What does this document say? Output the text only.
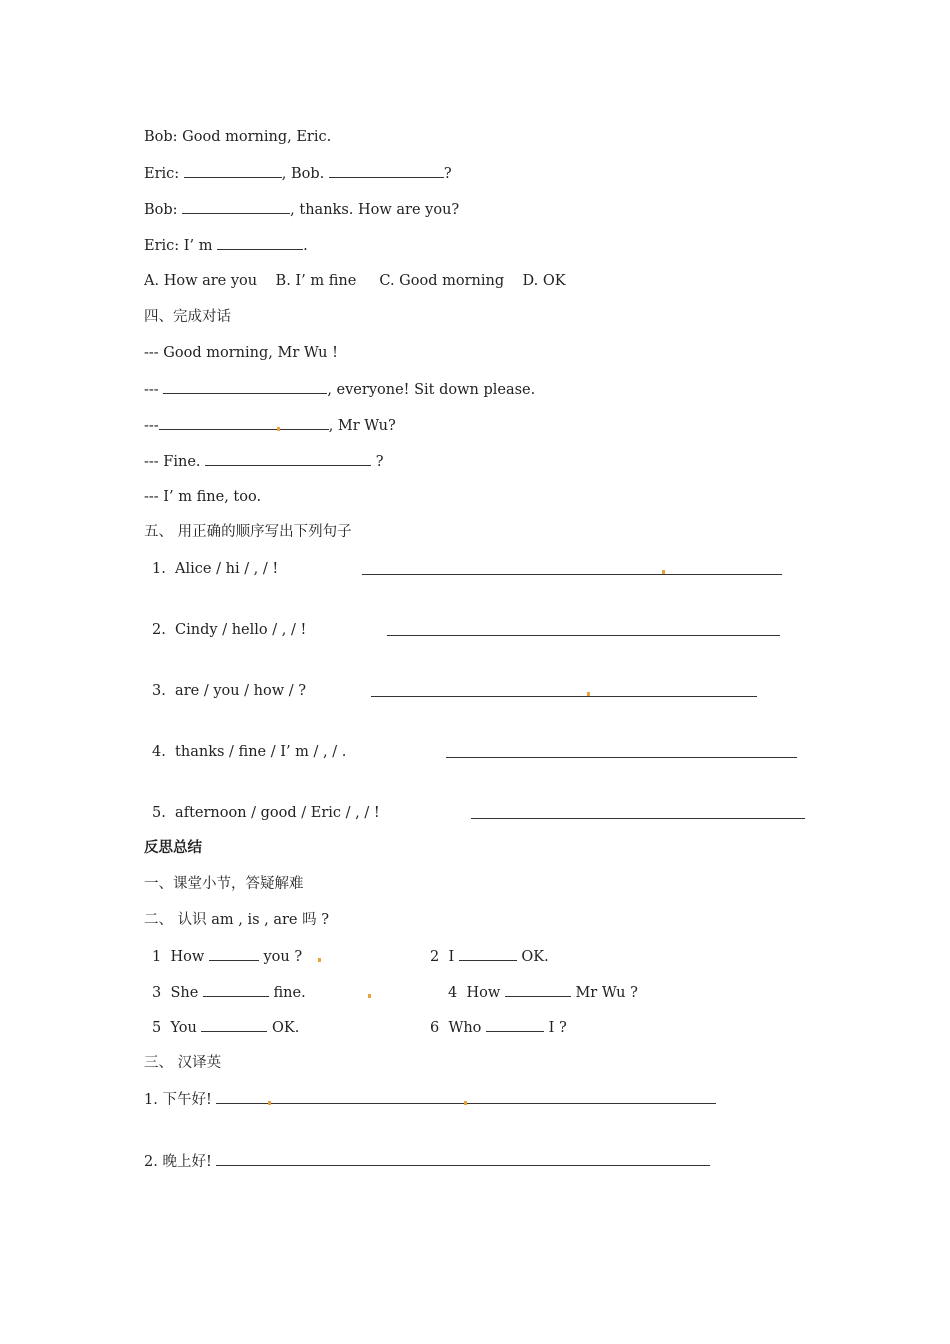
Bob: Good morning, Eric.
Eric:	, Bob.	?
Bob:	, thanks. How are you?
Eric: I’ m	.
A. How are you    B. I’ m fine     C. Good morning    D. OK
四、完成对话
--- Good morning, Mr Wu !
---	, everyone! Sit down please.
---	, Mr Wu?
--- Fine.	?
--- I’ m fine, too.
五、 用正确的顺序写出下列句子
1.  Alice / hi / , / !
2.  Cindy / hello / , / !
3.  are / you / how / ?
4.  thanks / fine / I’ m / , / .
5.  afternoon / good / Eric / , / !
反思总结
一、课堂小节，答疑解难
二、 认识 am , is , are 吗 ?
1  How	you ?	2  I	OK.
3  She	fine.	4  How	Mr Wu ?
5  You	OK.	6  Who	I ?
三、 汉译英
1. 下午好!
2. 晚上好!
